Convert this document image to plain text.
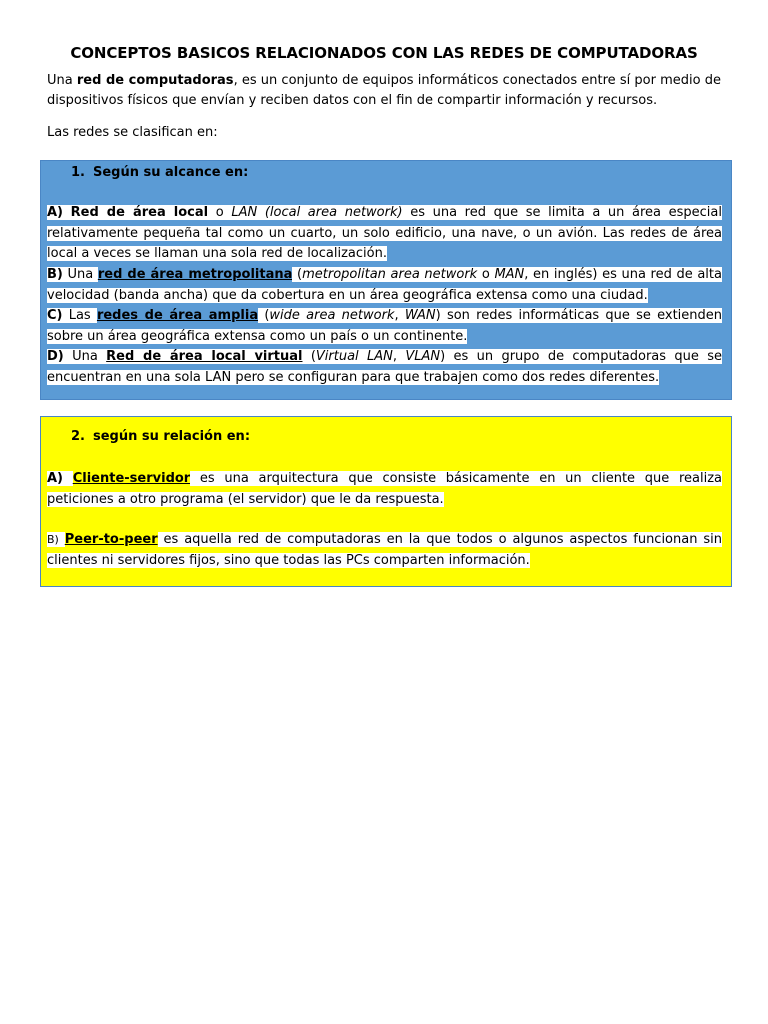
CONCEPTOS BASICOS RELACIONADOS CON LAS REDES DE COMPUTADORAS
Una red de computadoras, es un conjunto de equipos informáticos conectados entre sí por medio de dispositivos físicos que envían y reciben datos con el fin de compartir información y recursos.
Las redes se clasifican en:
1. Según su alcance en:
A) Red de área local o LAN (local area network) es una red que se limita a un área especial relativamente pequeña tal como un cuarto, un solo edificio, una nave, o un avión. Las redes de área local a veces se llaman una sola red de localización.
B) Una red de área metropolitana (metropolitan area network o MAN, en inglés) es una red de alta velocidad (banda ancha) que da cobertura en un área geográfica extensa como una ciudad.
C) Las redes de área amplia (wide area network, WAN) son redes informáticas que se extienden sobre un área geográfica extensa como un país o un continente.
D) Una Red de área local virtual (Virtual LAN, VLAN) es un grupo de computadoras que se encuentran en una sola LAN pero se configuran para que trabajen como dos redes diferentes.
2. según su relación en:
A) Cliente-servidor es una arquitectura que consiste básicamente en un cliente que realiza peticiones a otro programa (el servidor) que le da respuesta.
B) Peer-to-peer es aquella red de computadoras en la que todos o algunos aspectos funcionan sin clientes ni servidores fijos, sino que todas las PCs comparten información.
